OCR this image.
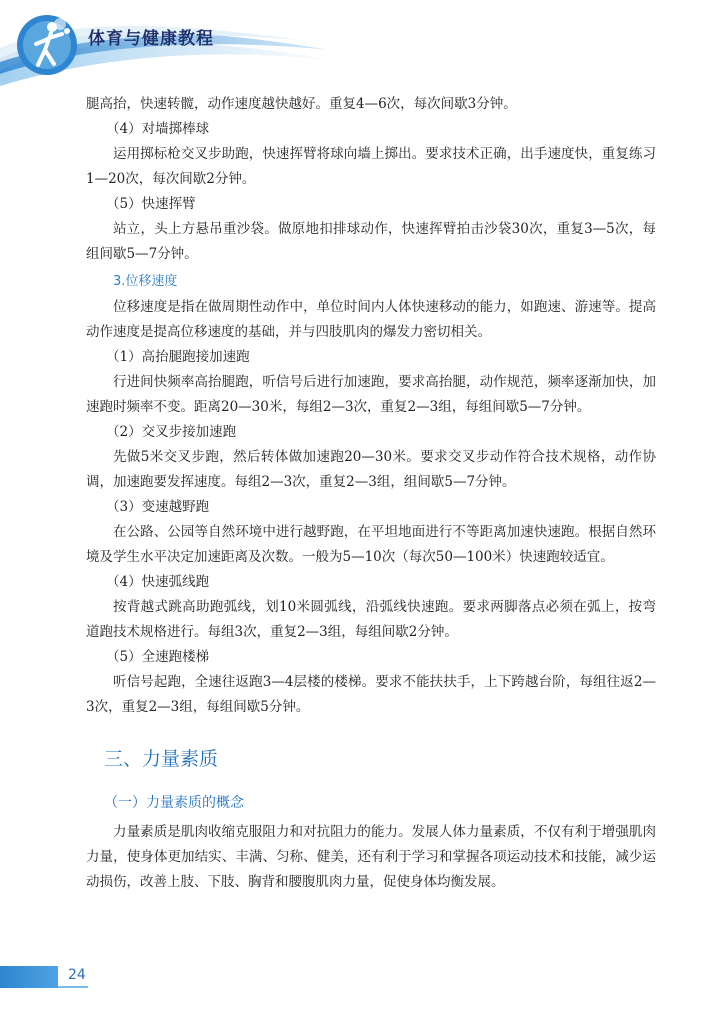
体育与健康教程

腿高抬，快速转髋，动作速度越快越好。重复4—6次，每次间歇3分钟。

（4）对墙掷棒球

运用掷标枪交叉步助跑，快速挥臂将球向墙上掷出。要求技术正确，出手速度快，重复练习1—20次，每次间歇2分钟。

（5）快速挥臂

站立，头上方悬吊重沙袋。做原地扣排球动作，快速挥臂拍击沙袋30次，重复3—5次，每组间歇5—7分钟。

3.位移速度

位移速度是指在做周期性动作中，单位时间内人体快速移动的能力，如跑速、游速等。提高动作速度是提高位移速度的基础，并与四肢肌肉的爆发力密切相关。

（1）高抬腿跑接加速跑

行进间快频率高抬腿跑，听信号后进行加速跑，要求高抬腿，动作规范，频率逐渐加快，加速跑时频率不变。距离20—30米，每组2—3次，重复2—3组，每组间歇5—7分钟。

（2）交叉步接加速跑

先做5米交叉步跑，然后转体做加速跑20—30米。要求交叉步动作符合技术规格，动作协调，加速跑要发挥速度。每组2—3次，重复2—3组，组间歇5—7分钟。

（3）变速越野跑

在公路、公园等自然环境中进行越野跑，在平坦地面进行不等距离加速快速跑。根据自然环境及学生水平决定加速距离及次数。一般为5—10次（每次50—100米）快速跑较适宜。

（4）快速弧线跑

按背越式跳高助跑弧线，划10米圆弧线，沿弧线快速跑。要求两脚落点必须在弧上，按弯道跑技术规格进行。每组3次，重复2—3组，每组间歇2分钟。

（5）全速跑楼梯

听信号起跑，全速往返跑3—4层楼的楼梯。要求不能扶扶手，上下跨越台阶，每组往返2—3次，重复2—3组，每组间歇5分钟。

三、力量素质
（一）力量素质的概念

力量素质是肌肉收缩克服阻力和对抗阻力的能力。发展人体力量素质，不仅有利于增强肌肉力量，使身体更加结实、丰满、匀称、健美，还有利于学习和掌握各项运动技术和技能，减少运动损伤，改善上肢、下肢、胸背和腰腹肌肉力量，促使身体均衡发展。

24
